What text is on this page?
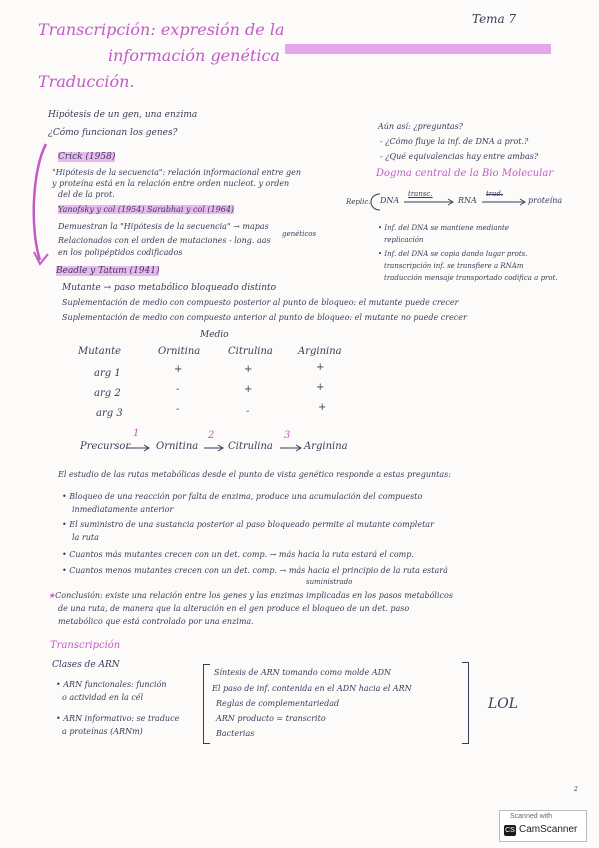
Transcripción: expresión de la
información genética
Tema 7
Traducción.
Hipótesis de un gen, una enzima
¿Cómo funcionan los genes?
Crick (1958)
"Hipótesis de la secuencia": relación informacional entre gen
y proteína está en la relación entre orden nucleot. y orden
del de la prot.
Yanofsky y col (1954) Sarabhai y col (1964)
Demuestran la "Hipótesis de la secuencia" → mapas
genéticos
Relacionados con el orden de mutaciones - long. aas
en los polipéptidos codificados
Beadle y Tatum (1941)
Aún así: ¿preguntas?
- ¿Cómo fluye la inf. de DNA a prot.?
- ¿Qué equivalencias hay entre ambas?
Dogma central de la Bio Molecular
Replic. DNA
transc.
RNA
trad.
proteína
• Inf. del DNA se mantiene mediante
replicación
• Inf. del DNA se copia dando lugar prots.
transcripción inf. se transfiere a RNAm
traducción mensaje transportado codifica a prot.
Mutante → paso metabólico bloqueado distinto
Suplementación de medio con compuesto posterior al punto de bloqueo: el mutante puede crecer
Suplementación de medio con compuesto anterior al punto de bloqueo: el mutante no puede crecer
Medio
Mutante	Ornitina	Citrulina	Arginina
arg 1	+	+	+
arg 2	-	+	+
arg 3	-	-	+
Precursor
1
Ornitina
2
Citrulina
3
Arginina
El estudio de las rutas metabólicas desde el punto de vista genético responde a estas preguntas:
• Bloqueo de una reacción por falta de enzima, produce una acumulación del compuesto
inmediatamente anterior
• El suministro de una sustancia posterior al paso bloqueado permite al mutante completar
la ruta
• Cuantos más mutantes crecen con un det. comp. → más hacia la ruta estará el comp.
• Cuantos menos mutantes crecen con un det. comp. → más hacia el principio de la ruta estará
suministrado
★Conclusión: existe una relación entre los genes y las enzimas implicadas en los pasos metabólicos
de una ruta, de manera que la alteración en el gen produce el bloqueo de un det. paso
metabólico que está controlado por una enzima.
Transcripción
Clases de ARN
• ARN funcionales: función
o actividad en la cél
• ARN informativo: se traduce
a proteínas (ARNm)
Síntesis de ARN tomando como molde ADN
El paso de inf. contenida en el ADN hacia el ARN
Reglas de complementariedad
ARN producto = transcrito
Bacterias
LOL
2
Scanned with
CS CamScanner
